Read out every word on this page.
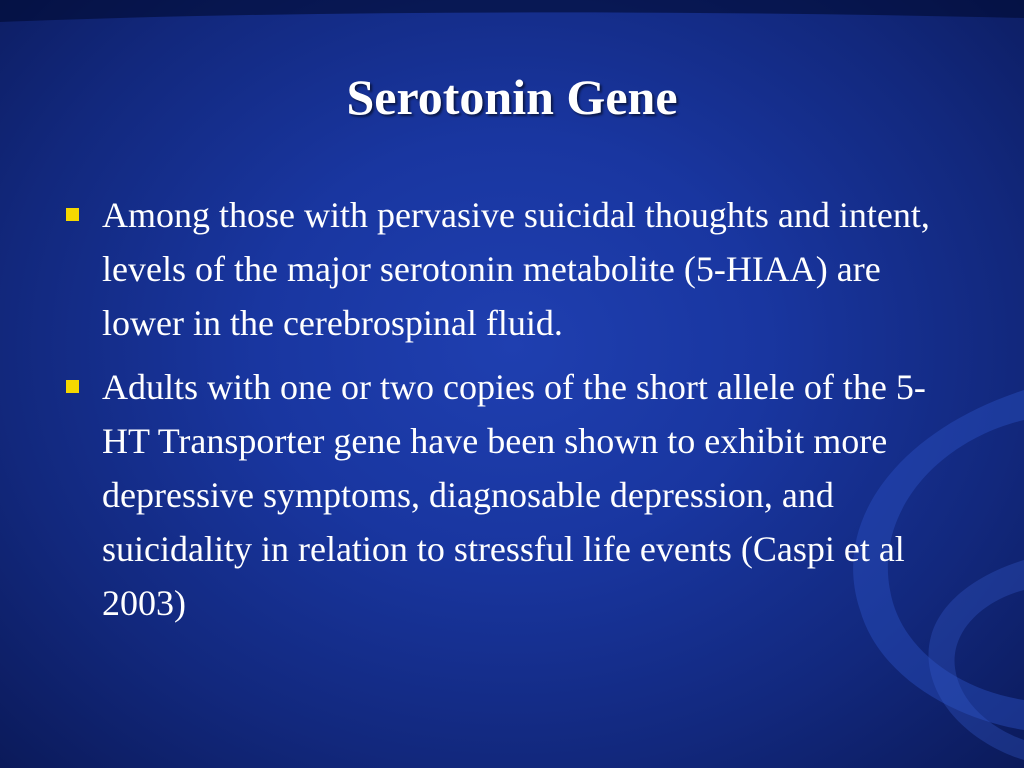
Serotonin Gene
Among those with pervasive suicidal thoughts and intent, levels of the major serotonin metabolite (5-HIAA) are lower in the cerebrospinal fluid.
Adults with one or two copies of the short allele of the 5-HT Transporter gene have been shown to exhibit more depressive symptoms, diagnosable depression, and suicidality in relation to stressful life events (Caspi et al 2003)
